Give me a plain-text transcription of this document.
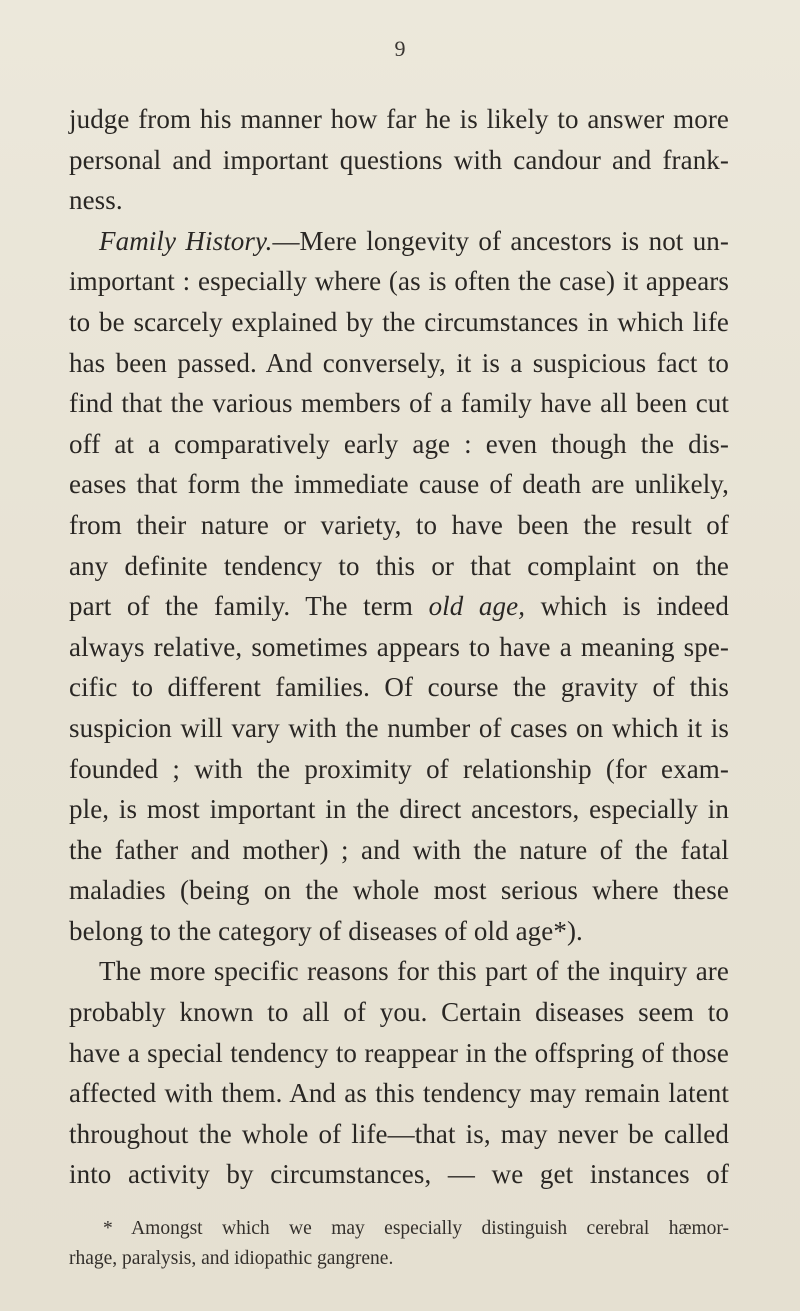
9
judge from his manner how far he is likely to answer more
personal and important questions with candour and frank-
ness.
Family History.—Mere longevity of ancestors is not un-
important : especially where (as is often the case) it appears
to be scarcely explained by the circumstances in which life
has been passed. And conversely, it is a suspicious fact to
find that the various members of a family have all been cut
off at a comparatively early age : even though the dis-
eases that form the immediate cause of death are unlikely,
from their nature or variety, to have been the result of
any definite tendency to this or that complaint on the
part of the family. The term old age, which is indeed
always relative, sometimes appears to have a meaning spe-
cific to different families. Of course the gravity of this
suspicion will vary with the number of cases on which it is
founded ; with the proximity of relationship (for exam-
ple, is most important in the direct ancestors, especially in
the father and mother) ; and with the nature of the fatal
maladies (being on the whole most serious where these
belong to the category of diseases of old age*).
The more specific reasons for this part of the inquiry are
probably known to all of you. Certain diseases seem to
have a special tendency to reappear in the offspring of those
affected with them. And as this tendency may remain latent
throughout the whole of life—that is, may never be called
into activity by circumstances, — we get instances of
* Amongst which we may especially distinguish cerebral hæmor-
rhage, paralysis, and idiopathic gangrene.
